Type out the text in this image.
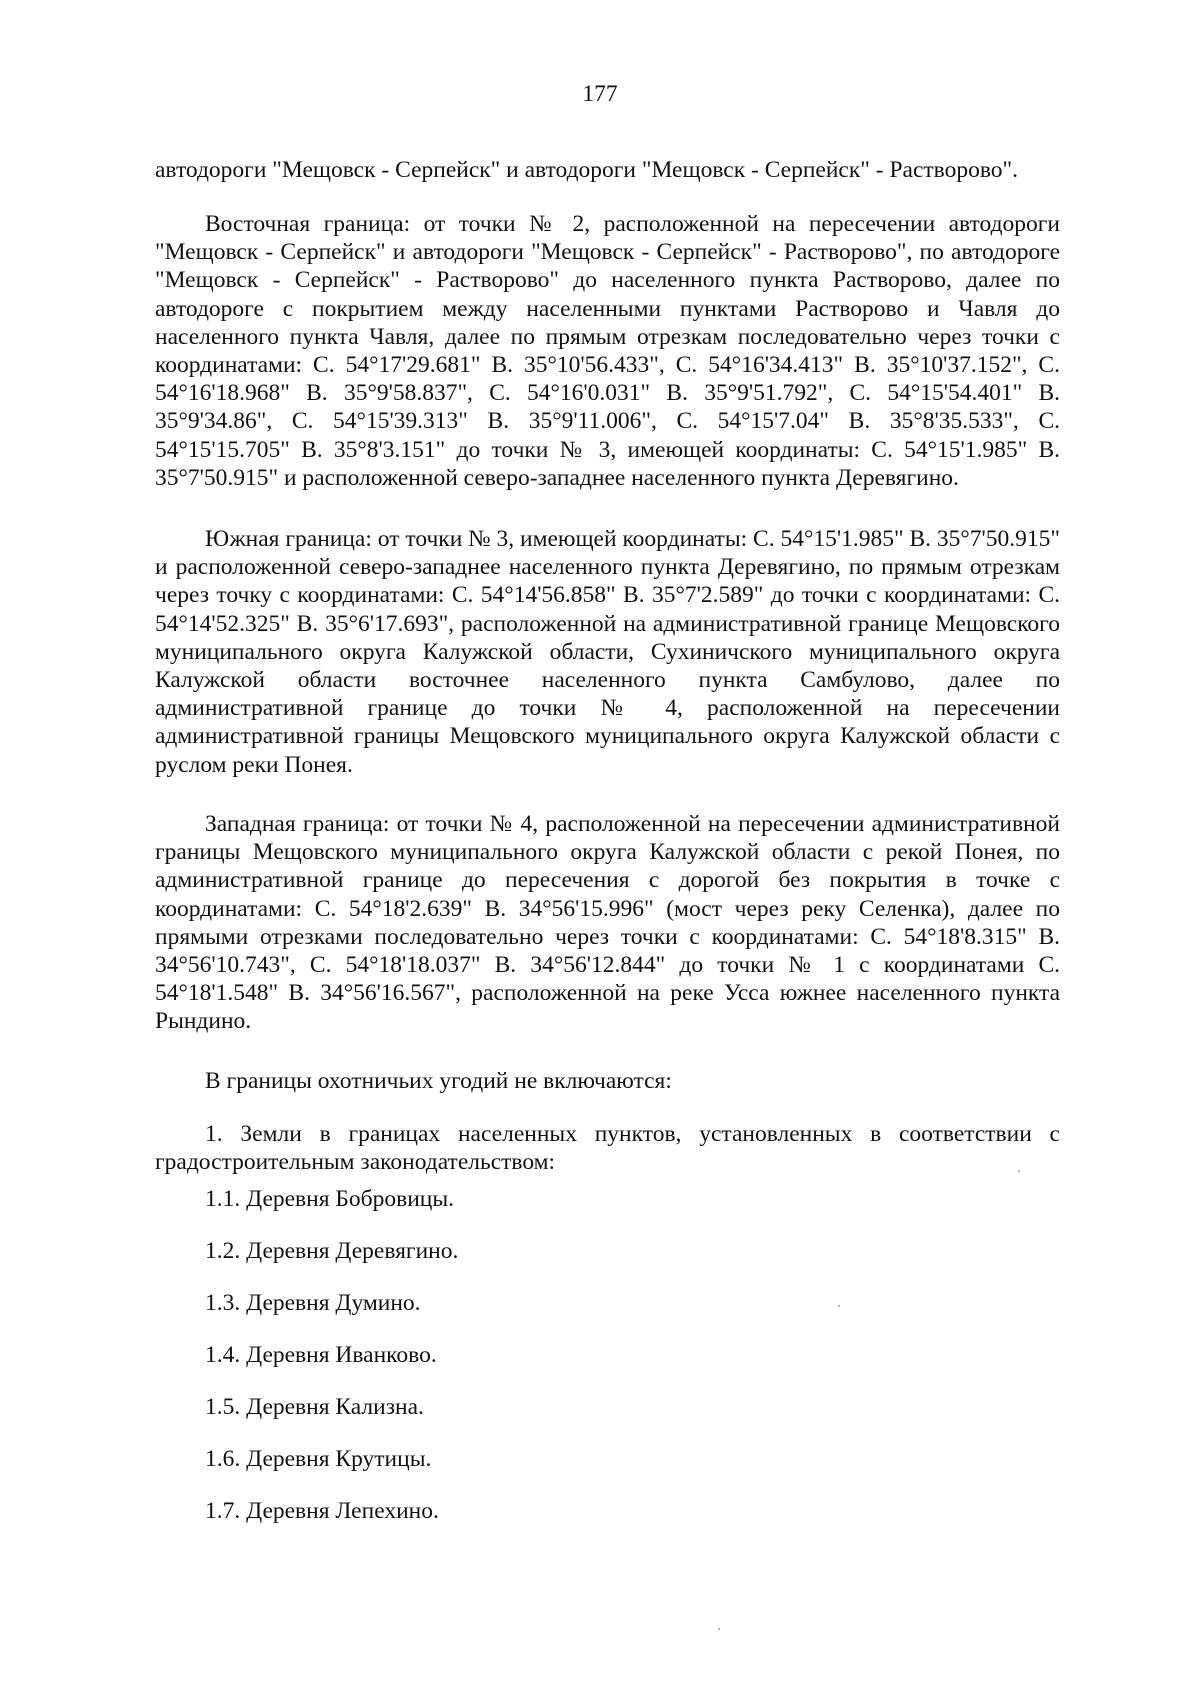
177

автодороги "Мещовск - Серпейск" и автодороги "Мещовск - Серпейск" - Растворово".

Восточная граница: от точки № 2, расположенной на пересечении автодороги "Мещовск - Серпейск" и автодороги "Мещовск - Серпейск" - Растворово", по автодороге "Мещовск - Серпейск" - Растворово" до населенного пункта Растворово, далее по автодороге с покрытием между населенными пунктами Растворово и Чавля до населенного пункта Чавля, далее по прямым отрезкам последовательно через точки с координатами: С. 54°17'29.681" В. 35°10'56.433", С. 54°16'34.413" В. 35°10'37.152", С. 54°16'18.968" В. 35°9'58.837", С. 54°16'0.031" В. 35°9'51.792", С. 54°15'54.401" В. 35°9'34.86", С. 54°15'39.313" В. 35°9'11.006", С. 54°15'7.04" В. 35°8'35.533", С. 54°15'15.705" В. 35°8'3.151" до точки № 3, имеющей координаты: С. 54°15'1.985" В. 35°7'50.915" и расположенной северо-западнее населенного пункта Деревягино.

Южная граница: от точки № 3, имеющей координаты: С. 54°15'1.985" В. 35°7'50.915" и расположенной северо-западнее населенного пункта Деревягино, по прямым отрезкам через точку с координатами: С. 54°14'56.858" В. 35°7'2.589" до точки с координатами: С. 54°14'52.325" В. 35°6'17.693", расположенной на административной границе Мещовского муниципального округа Калужской области, Сухиничского муниципального округа Калужской области восточнее населенного пункта Самбулово, далее по административной границе до точки № 4, расположенной на пересечении административной границы Мещовского муниципального округа Калужской области с руслом реки Понея.

Западная граница: от точки № 4, расположенной на пересечении административной границы Мещовского муниципального округа Калужской области с рекой Понея, по административной границе до пересечения с дорогой без покрытия в точке с координатами: С. 54°18'2.639" В. 34°56'15.996" (мост через реку Селенка), далее по прямыми отрезками последовательно через точки с координатами: С. 54°18'8.315" В. 34°56'10.743", С. 54°18'18.037" В. 34°56'12.844" до точки № 1 с координатами С. 54°18'1.548" В. 34°56'16.567", расположенной на реке Усса южнее населенного пункта Рындино.

В границы охотничьих угодий не включаются:

1. Земли в границах населенных пунктов, установленных в соответствии с градостроительным законодательством:

1.1. Деревня Бобровицы.
1.2. Деревня Деревягино.
1.3. Деревня Думино.
1.4. Деревня Иванково.
1.5. Деревня Кализна.
1.6. Деревня Крутицы.
1.7. Деревня Лепехино.
